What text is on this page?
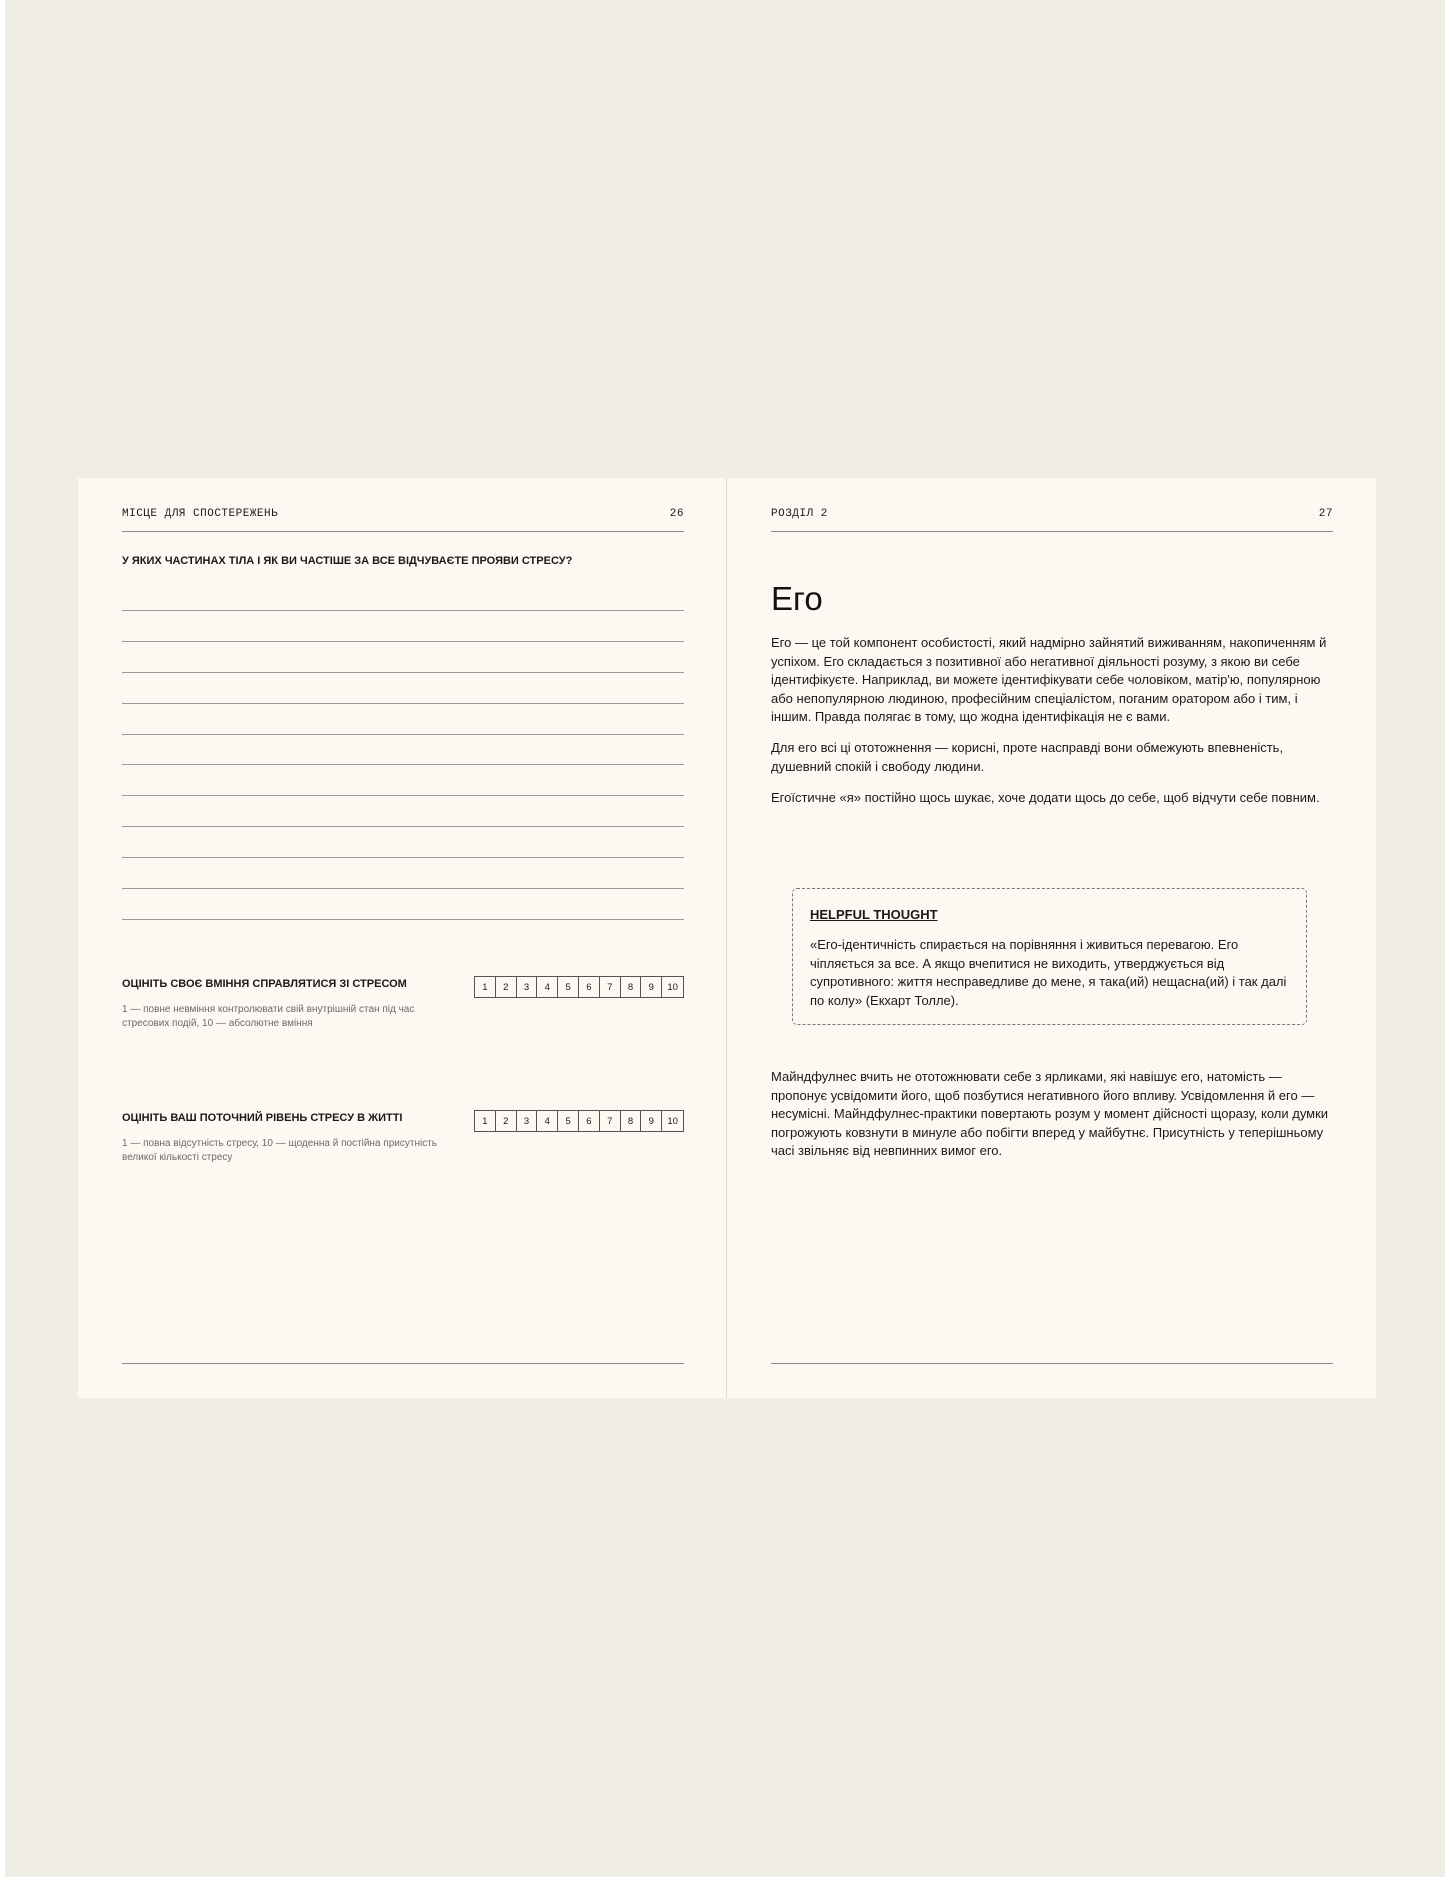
МІСЦЕ ДЛЯ СПОСТЕРЕЖЕНЬ	26
У ЯКИХ ЧАСТИНАХ ТІЛА І ЯК ВИ ЧАСТІШЕ ЗА ВСЕ ВІДЧУВАЄТЕ ПРОЯВИ СТРЕСУ?
ОЦІНІТЬ СВОЄ ВМІННЯ СПРАВЛЯТИСЯ ЗІ СТРЕСОМ
1 — повне невміння контролювати свій внутрішній стан під час стресових подій, 10 — абсолютне вміння
1	2	3	4	5	6	7	8	9	10
ОЦІНІТЬ ВАШ ПОТОЧНИЙ РІВЕНЬ СТРЕСУ В ЖИТТІ
1 — повна відсутність стресу, 10 — щоденна й постійна присутність великої кількості стресу
1	2	3	4	5	6	7	8	9	10
РОЗДІЛ 2	27
Его

Его — це той компонент особистості, який надмірно зайнятий виживанням, накопиченням й успіхом. Его складається з позитивної або негативної діяльності розуму, з якою ви себе ідентифікуєте. Наприклад, ви можете ідентифікувати себе чоловіком, матір'ю, популярною або непопулярною людиною, професійним спеціалістом, поганим оратором або і тим, і іншим. Правда полягає в тому, що жодна ідентифікація не є вами.

Для его всі ці ототожнення — корисні, проте насправді вони обмежують впевненість, душевний спокій і свободу людини.

Егоїстичне «я» постійно щось шукає, хоче додати щось до себе, щоб відчути себе повним.

HELPFUL THOUGHT
«Его-ідентичність спирається на порівняння і живиться перевагою. Его чіпляється за все. А якщо вчепитися не виходить, утверджується від супротивного: життя несправедливе до мене, я така(ий) нещасна(ий) і так далі по колу» (Екхарт Толле).
Майндфулнес вчить не ототожнювати себе з ярликами, які навішує его, натомість — пропонує усвідомити його, щоб позбутися негативного його впливу. Усвідомлення й его — несумісні. Майндфулнес-практики повертають розум у момент дійсності щоразу, коли думки погрожують ковзнути в минуле або побігти вперед у майбутнє. Присутність у теперішньому часі звільняє від невпинних вимог его.
